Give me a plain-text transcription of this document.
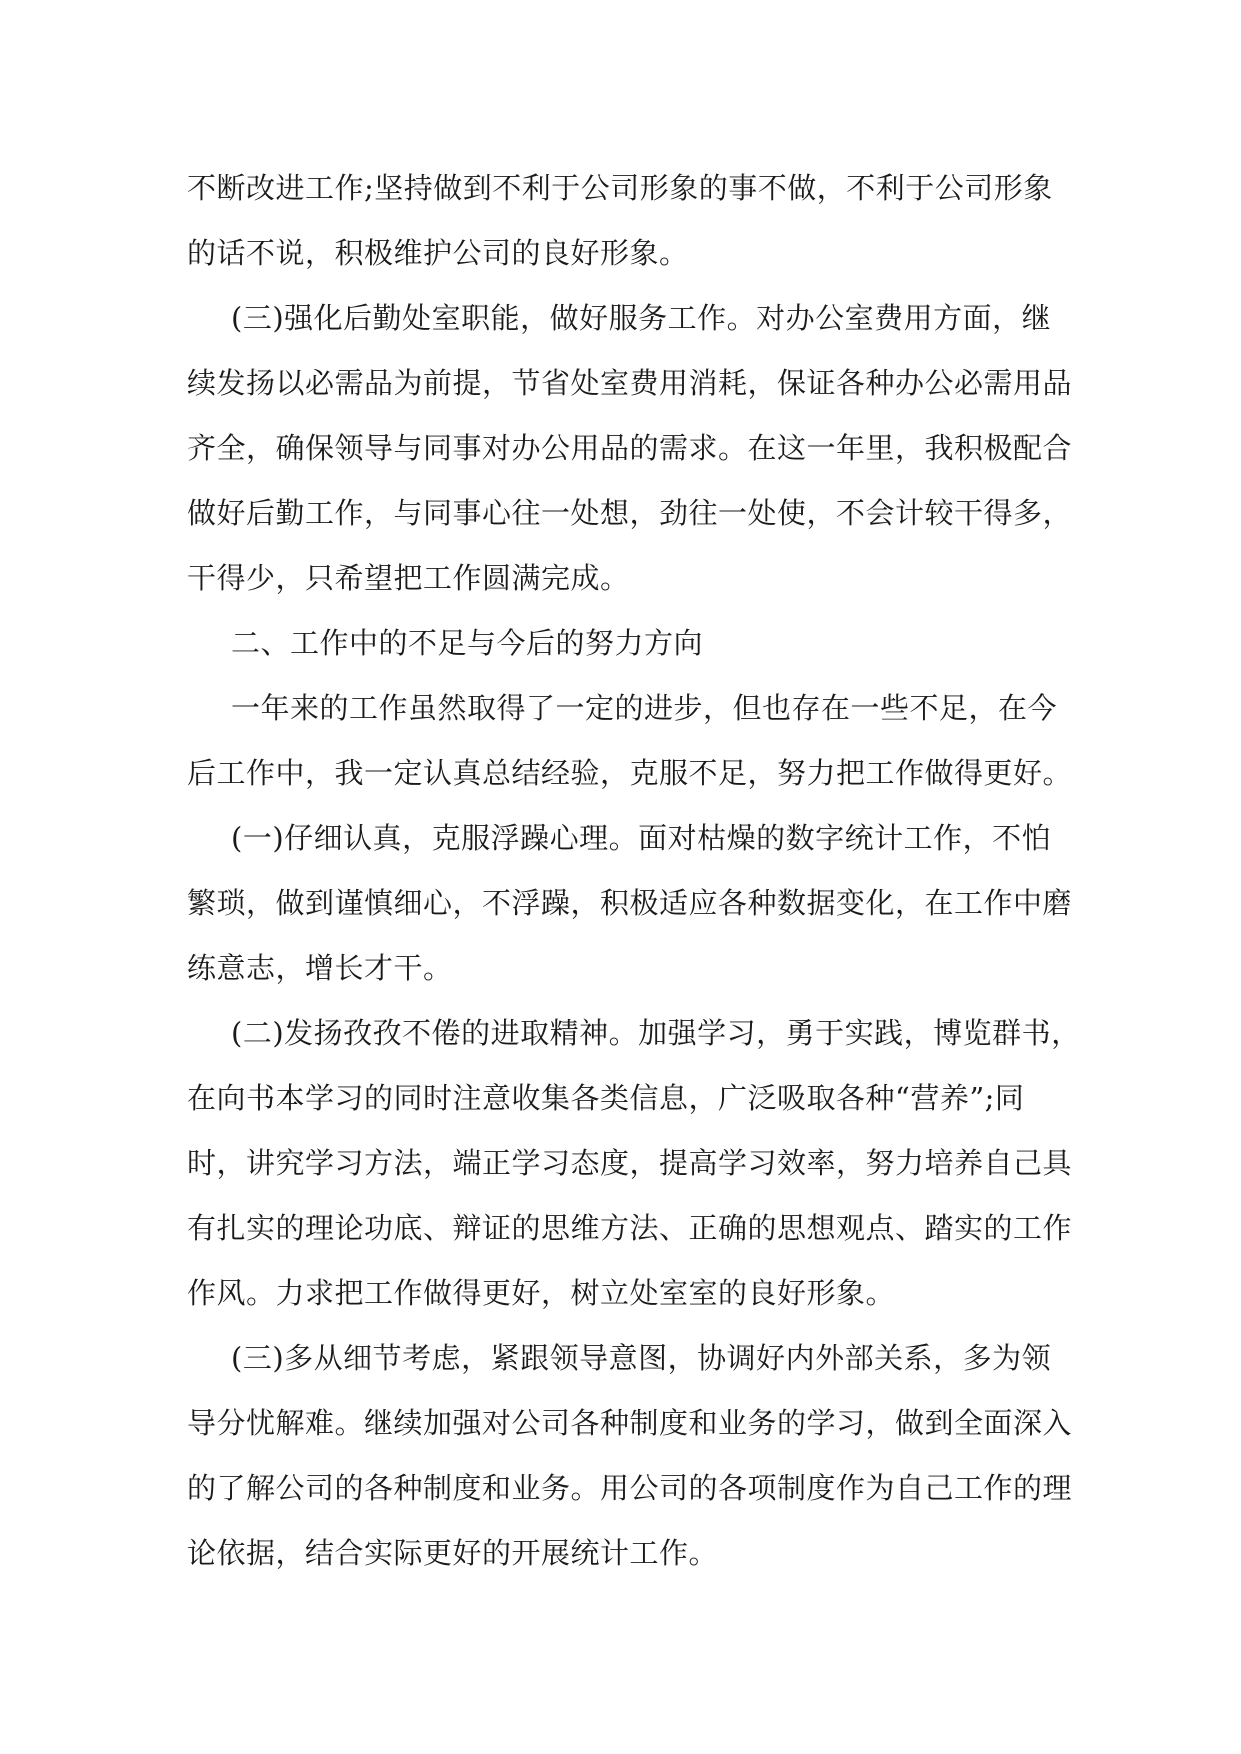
不断改进工作;坚持做到不利于公司形象的事不做，不利于公司形象
的话不说，积极维护公司的良好形象。
(三)强化后勤处室职能，做好服务工作。对办公室费用方面，继
续发扬以必需品为前提，节省处室费用消耗，保证各种办公必需用品
齐全，确保领导与同事对办公用品的需求。在这一年里，我积极配合
做好后勤工作，与同事心往一处想，劲往一处使，不会计较干得多，
干得少，只希望把工作圆满完成。
二、工作中的不足与今后的努力方向
一年来的工作虽然取得了一定的进步，但也存在一些不足，在今
后工作中，我一定认真总结经验，克服不足，努力把工作做得更好。
(一)仔细认真，克服浮躁心理。面对枯燥的数字统计工作，不怕
繁琐，做到谨慎细心，不浮躁，积极适应各种数据变化，在工作中磨
练意志，增长才干。
(二)发扬孜孜不倦的进取精神。加强学习，勇于实践，博览群书，
在向书本学习的同时注意收集各类信息，广泛吸取各种“营养”;同
时，讲究学习方法，端正学习态度，提高学习效率，努力培养自己具
有扎实的理论功底、辩证的思维方法、正确的思想观点、踏实的工作
作风。力求把工作做得更好，树立处室室的良好形象。
(三)多从细节考虑，紧跟领导意图，协调好内外部关系，多为领
导分忧解难。继续加强对公司各种制度和业务的学习，做到全面深入
的了解公司的各种制度和业务。用公司的各项制度作为自己工作的理
论依据，结合实际更好的开展统计工作。
